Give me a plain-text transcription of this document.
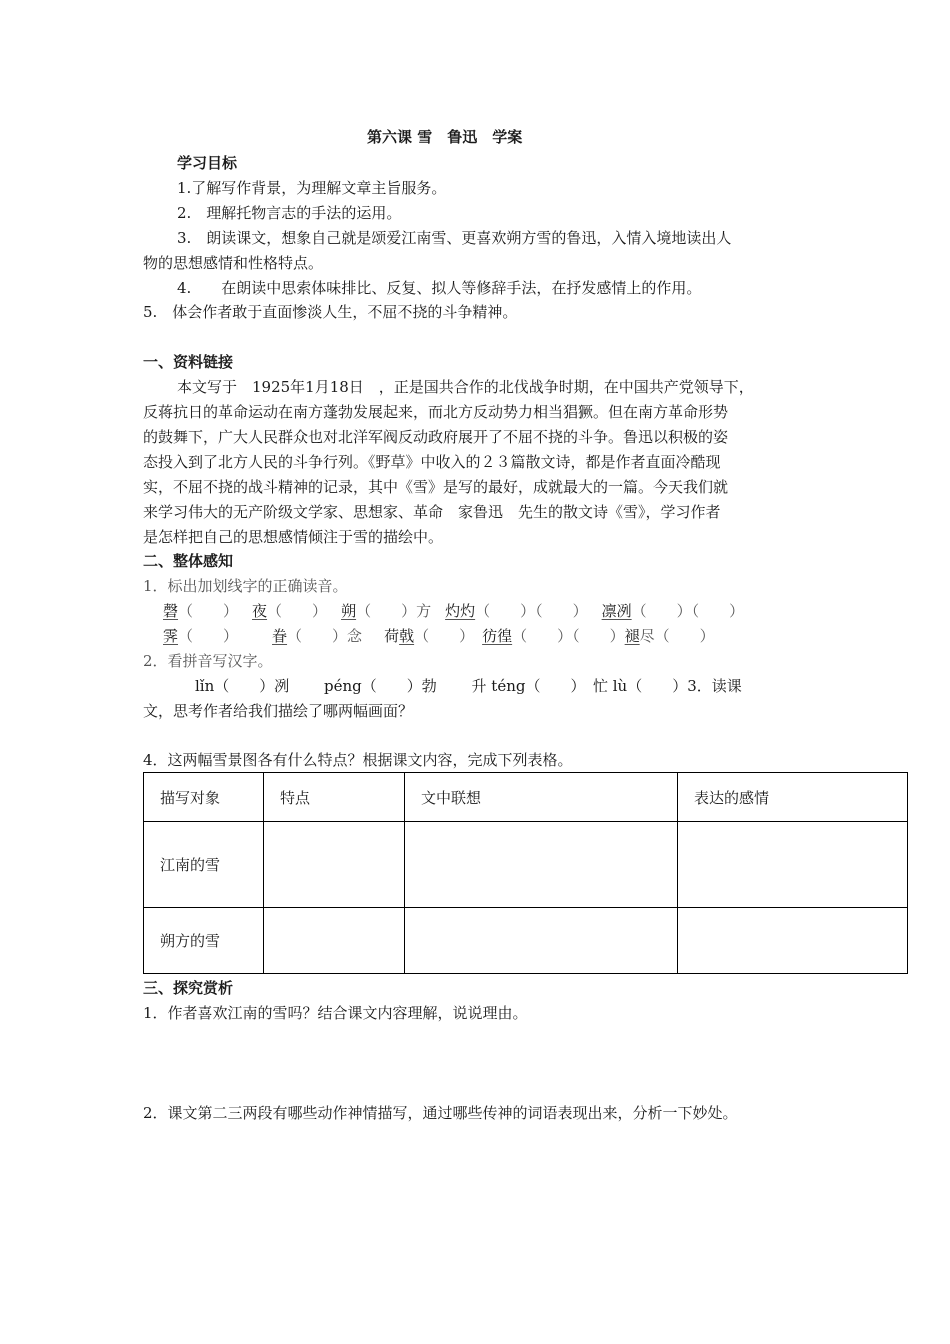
第六课 雪　鲁迅　学案
学习目标
1.了解写作背景，为理解文章主旨服务。
2.　理解托物言志的手法的运用。
3.　朗读课文，想象自己就是颂爱江南雪、更喜欢朔方雪的鲁迅，入情入境地读出人
物的思想感情和性格特点。
4.　　在朗读中思索体味排比、反复、拟人等修辞手法，在抒发感情上的作用。
5.　体会作者敢于直面惨淡人生，不屈不挠的斗争精神。
一、资料链接
本文写于　1925年1月18日　，正是国共合作的北伐战争时期，在中国共产党领导下，
反蒋抗日的革命运动在南方蓬勃发展起来，而北方反动势力相当猖獗。但在南方革命形势
的鼓舞下，广大人民群众也对北洋军阀反动政府展开了不屈不挠的斗争。鲁迅以积极的姿
态投入到了北方人民的斗争行列。《野草》中收入的２３篇散文诗，都是作者直面冷酷现
实，不屈不挠的战斗精神的记录，其中《雪》是写的最好，成就最大的一篇。今天我们就
来学习伟大的无产阶级文学家、思想家、革命　家鲁迅　先生的散文诗《雪》，学习作者
是怎样把自己的思想感情倾注于雪的描绘中。
二、整体感知
1．标出加划线字的正确读音。
磬（　　） 夜（　　） 朔（　　）方 灼灼（　　）（　　） 凛冽（　　）（　　）
霁（　　） 眷（　　）念 荷戟（　　） 彷徨（　　）（　　）褪尽（　　）
2．看拼音写汉字。
lǐn（　　）冽　　 péng（　　）勃　　 升 téng（　　）　忙 lù（　　）3．读课
文，思考作者给我们描绘了哪两幅画面？
4．这两幅雪景图各有什么特点？根据课文内容，完成下列表格。
描写对象	特点	文中联想	表达的感情
江南的雪			
朔方的雪			
三、探究赏析
1．作者喜欢江南的雪吗？结合课文内容理解，说说理由。
2．课文第二三两段有哪些动作神情描写，通过哪些传神的词语表现出来，分析一下妙处。
